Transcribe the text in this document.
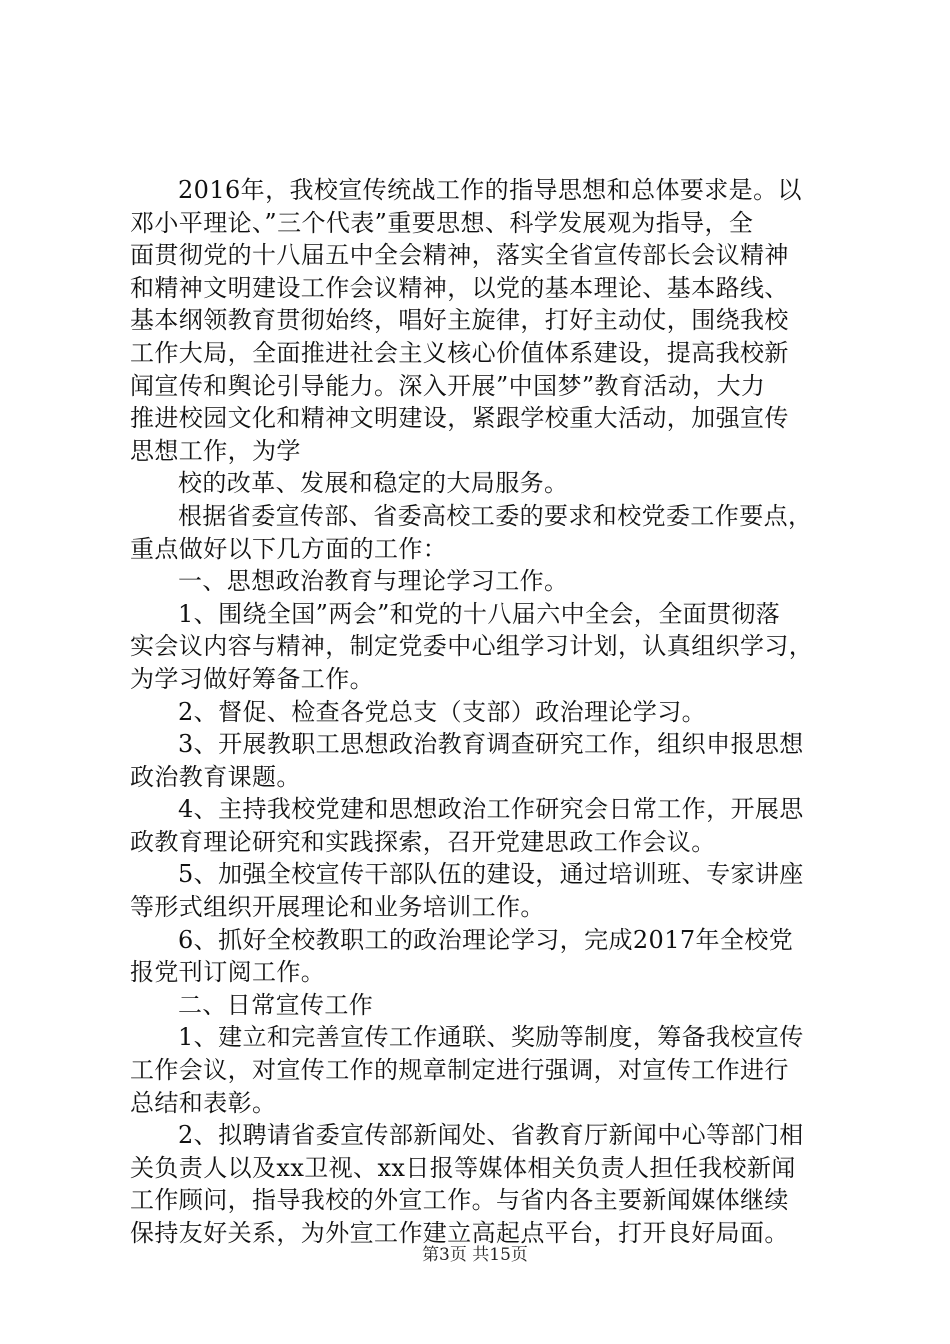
2016年，我校宣传统战工作的指导思想和总体要求是。以
邓小平理论、”三个代表”重要思想、科学发展观为指导，全
面贯彻党的十八届五中全会精神，落实全省宣传部长会议精神
和精神文明建设工作会议精神，以党的基本理论、基本路线、
基本纲领教育贯彻始终，唱好主旋律，打好主动仗，围绕我校
工作大局，全面推进社会主义核心价值体系建设，提高我校新
闻宣传和舆论引导能力。深入开展”中国梦”教育活动，大力
推进校园文化和精神文明建设，紧跟学校重大活动，加强宣传
思想工作，为学
校的改革、发展和稳定的大局服务。
根据省委宣传部、省委高校工委的要求和校党委工作要点，
重点做好以下几方面的工作：
一、思想政治教育与理论学习工作。
1、围绕全国”两会”和党的十八届六中全会，全面贯彻落
实会议内容与精神，制定党委中心组学习计划，认真组织学习，
为学习做好筹备工作。
2、督促、检查各党总支（支部）政治理论学习。
3、开展教职工思想政治教育调查研究工作，组织申报思想
政治教育课题。
4、主持我校党建和思想政治工作研究会日常工作，开展思
政教育理论研究和实践探索，召开党建思政工作会议。
5、加强全校宣传干部队伍的建设，通过培训班、专家讲座
等形式组织开展理论和业务培训工作。
6、抓好全校教职工的政治理论学习，完成2017年全校党
报党刊订阅工作。
二、日常宣传工作
1、建立和完善宣传工作通联、奖励等制度，筹备我校宣传
工作会议，对宣传工作的规章制定进行强调，对宣传工作进行
总结和表彰。
2、拟聘请省委宣传部新闻处、省教育厅新闻中心等部门相
关负责人以及xx卫视、xx日报等媒体相关负责人担任我校新闻
工作顾问，指导我校的外宣工作。与省内各主要新闻媒体继续
保持友好关系，为外宣工作建立高起点平台，打开良好局面。
第3页 共15页
